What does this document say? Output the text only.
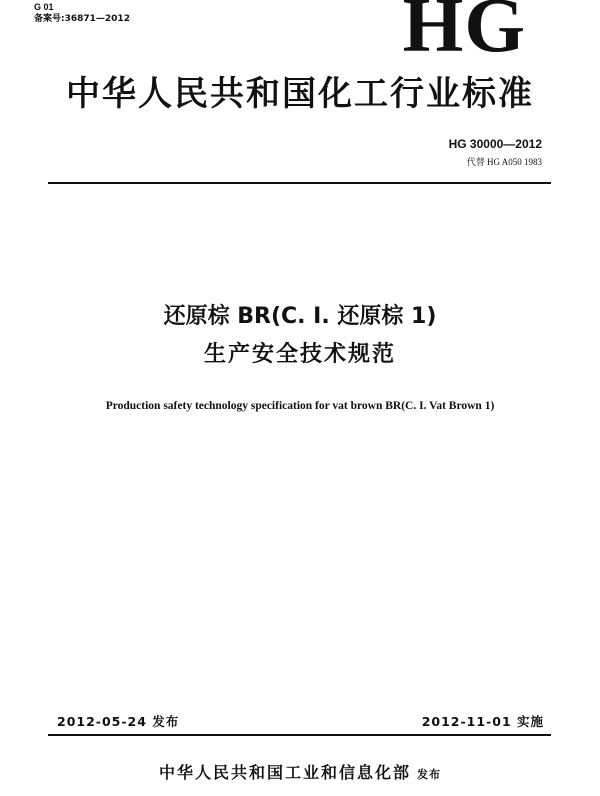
G 01
备案号:36871—2012	HG
中华人民共和国化工行业标准
HG 30000—2012
代替 HG A050 1983
还原棕 BR(C. I. 还原棕 1)
生产安全技术规范
Production safety technology specification for vat brown BR(C. I. Vat Brown 1)
2012-05-24 发布	2012-11-01 实施
中华人民共和国工业和信息化部 发布
